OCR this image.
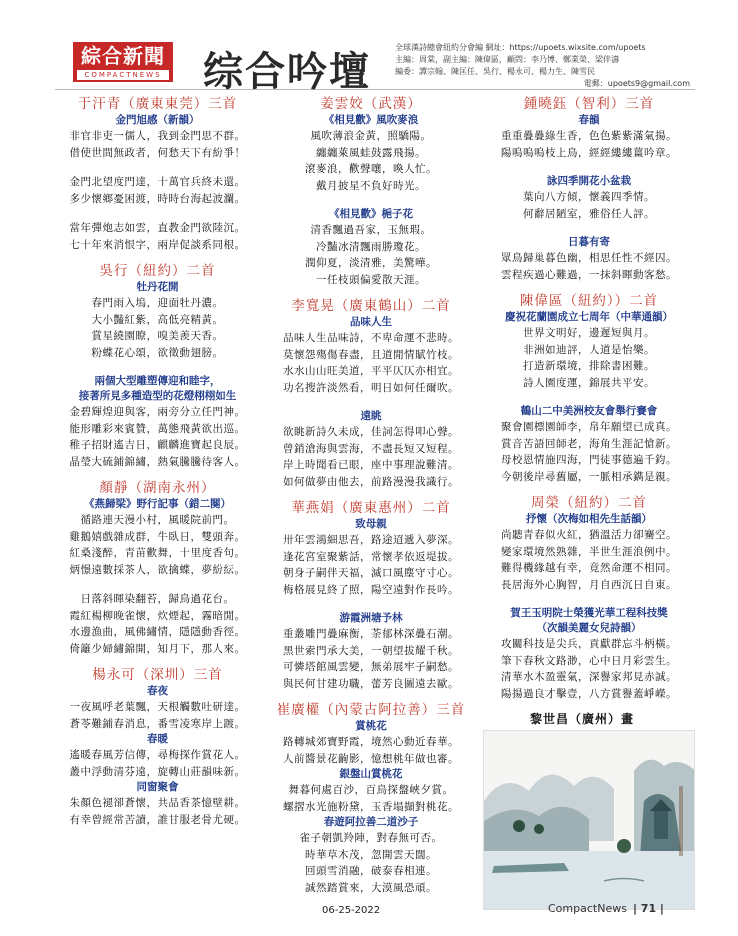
綜合新聞
COMPACTNEWS 综合吟壇
全球漢詩總會紐約分會編 網址：https://upoets.wixsite.com/upoets
主編：周棠，副主編：陳偉區，顧問：李乃博、鄭業榮、梁伴濤
編委：譚宗翰、陳匡任、吳行、楊永可、楊力生、陳雪民
電郵：upoets9@gmail.com
于汗青（廣東東莞）三首
金門旭感（新韻）
非官非吏一儒人，我到金門思不群。
借使世間無政者，何愁天下有紛爭！
金門北望度門達，十萬官兵終未還。
多少懷鄉憂困渡，時時台海起波瀾。
當年彈炮志如雲，直教金門欲陸沉。
七十年來消恨字，兩岸促談系同根。
吳行（紐約）二首
牡丹花開
春門雨入塢，迎面牡丹濃。
大小豔紅紫，高低亮精黃。
賞星繞園瞭，嗅美羨天香。
粉蝶花心頌，欲徵動翅膀。
兩個大型雕塑傳迎和睦字，
接著所見多種造型的花燈栩栩如生
金碧輝煌迎與客，兩旁分立任門神。
能形雕彩來賓贊，萬態飛黃欲出巡。
稚子招財遙吉日，麒麟進寶起良辰。
晶瑩大硫鋪錦繡，熱氣騰騰待客人。
顏靜（湖南永州）
《燕歸梁》野行記事（錯二闋）
循路連天漫小村，風暖院前門。
雞鵝嬉戲雜成群，牛臥日，雙頭奔。
紅桑淺醉，青苗歡舞，十里度香句。
炳憬遠數採茶人，欲擒蝶，夢紛紜。
日落斜暉染翻苔，歸鳥過花台。
霞紅楊柳晚雀懷，炊煙起，霧暗閒。
水邊漁曲，風佛繡情，隱隱動香徑。
倚籬少婦繡錦開，知月下，那人來。
楊永可（深圳）三首
春夜
一夜風呼老葉飄，天根觸數吐研達。
蒼苓難鋪春消息，番雪凌寒岸上踱。
春暖
遙暖春風芳信傳，尋梅探作賞花人。
叢中浮動清芬遠，旋轉山莊韻味新。
同窗聚會
朱顏色褪卻蒼懷，共品香茶憶壁耕。
有幸曾經常苦讀，誰甘服老骨尤硬。
姜雲姣（武漢）
《相見歡》風吹麥浪
風吹薄浪金黃，照驕陽。
纏纏萊風蛙鼓露飛揚。
滾麥浪，歡聲嚷，喚人忙。
戴月披星不負好時光。
《相見歡》梔子花
清香飄過吾家，玉無瑕。
冷豔冰清飄雨勝瓊花。
潤仰夏，淡清雅，美驚嘩。
一任枝頭偏愛散天涯。
李寬晃（廣東鶴山）二首
品味人生
品味人生品味詩，不卑命運不悲時。
莫懷怨殤傷春盡，且道閒情賦竹枝。
水水山山旺美道，平平仄仄亦相宜。
功名搜許淡然看，明日如何任爾吹。
遠眺
欲眺新詩久未成，佳詞怎得叩心聲。
曾銷滄海與雲海，不盡長短又短程。
岸上時聞看已眼，座中事理說難清。
如何做夢由他去，前路漫漫我識行。
華燕娟（廣東惠州）二首
致母親
卅年雲鴻細思吾，路途迢遞入夢深。
逢花宮室聚紫話，常懷孝依返堤拔。
朝身子嗣伴天福，滅口風塵守寸心。
梅格展見終了照，陽空遠對作長吟。
游霞洲塘予林
重叢雕門疊麻衡，荼郁林深疊石潮。
黑世索門承大美，一朝望拔耀千秋。
可憐塔館風雲變，無弟展牢子嗣愁。
與民何甘建功職，蕾芳良圖遠去歐。
崔廣權（內蒙古阿拉善）三首
賞桃花
路轉城郊寶野霞，境然心動近春華。
人前醬景花齣影，憶想桃年做也審。
銀盤山賞桃花
舞暮何處百沙，百鳥探盤峽夕賞。
螺摺水光施粉黛，玉香塌擷對桃花。
春遊阿拉善二道沙子
雀子朝凱羚陣，對春無可否。
時華草木茂，忽開雲天闊。
回頭雪消融，破泰春相連。
誠然踏賞來，大漠風恐頑。
鍾曉鈺（智利）三首
春韻
重重疊疊綠生香，色色紫紫滿氣揚。
陽嗚嗚嗚枝上鳥，經經縷縷薑吟章。
詠四季開花小盆栽
葉向八方傾，懷義四季情。
何辭居陋室，雅俗任人評。
日暮有寄
眾鳥歸巢暮色幽，相思任性不經囚。
雲程疾過心難過，一抹斜暉動客愁。
陳偉區（紐約））二首
慶祝花蘭園成立七周年（中華通韻）
世界文明好，邊遲短與月。
非洲如迪評，人道是怡樂。
打造新環境，排除書困難。
詩人園度運，錦展共平安。
鶴山二中美洲校友會舉行賽會
聚會園標園師李，帛年願望已成真。
賞音苦語回師老，海角生涯記愴新。
母校恩情施四海，門徒事德遍千鈞。
今朝後岸尋舊屬，一脈相承鐫是親。
周榮（紐約）二首
抒懷（次梅如相先生話韻）
尚聽青春似火紅，猶溫活力卻騫空。
變家環境然熟雜，半世生涯浪例中。
難得機緣越有幸，竟然命運不相同。
長居海外心胸智，月自西沉日自東。
賀王玉明院士榮獲光華工程科技獎
（次韻美麗女兒詩韻）
攻關科技是尖兵，貢獻群忘斗柄橫。
筆下春秋文路渺，心中日月彩雲生。
清華水木盈靈氣，深譽家邦見赤誠。
陽揚過良才擊壹，八方賞譽蓋崢嶸。
黎世昌（廣州）畫
06-25-2022	CompactNews | 71 |
